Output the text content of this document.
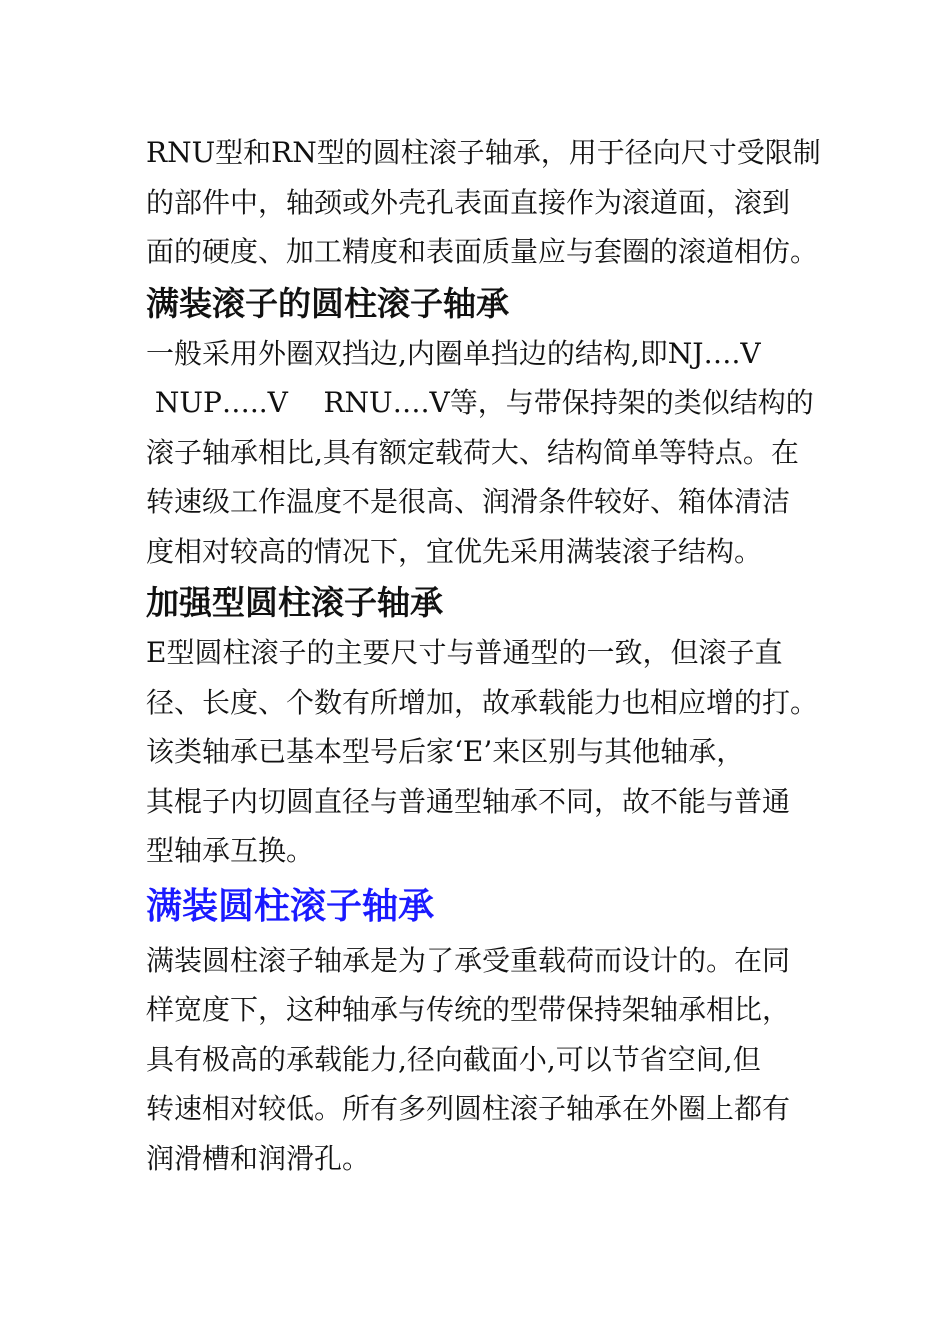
RNU型和RN型的圆柱滚子轴承，用于径向尺寸受限制
的部件中，轴颈或外壳孔表面直接作为滚道面，滚到
面的硬度、加工精度和表面质量应与套圈的滚道相仿。

满装滚子的圆柱滚子轴承

一般采用外圈双挡边,内圈单挡边的结构,即NJ….V
NUP…..V    RNU….V等，与带保持架的类似结构的
滚子轴承相比,具有额定载荷大、结构简单等特点。在
转速级工作温度不是很高、润滑条件较好、箱体清洁
度相对较高的情况下，宜优先采用满装滚子结构。

加强型圆柱滚子轴承

E型圆柱滚子的主要尺寸与普通型的一致，但滚子直
径、长度、个数有所增加，故承载能力也相应增的打。
该类轴承已基本型号后家‘E’来区别与其他轴承，
其棍子内切圆直径与普通型轴承不同，故不能与普通
型轴承互换。

满装圆柱滚子轴承

满装圆柱滚子轴承是为了承受重载荷而设计的。在同
样宽度下，这种轴承与传统的型带保持架轴承相比，
具有极高的承载能力,径向截面小,可以节省空间,但
转速相对较低。所有多列圆柱滚子轴承在外圈上都有
润滑槽和润滑孔。
